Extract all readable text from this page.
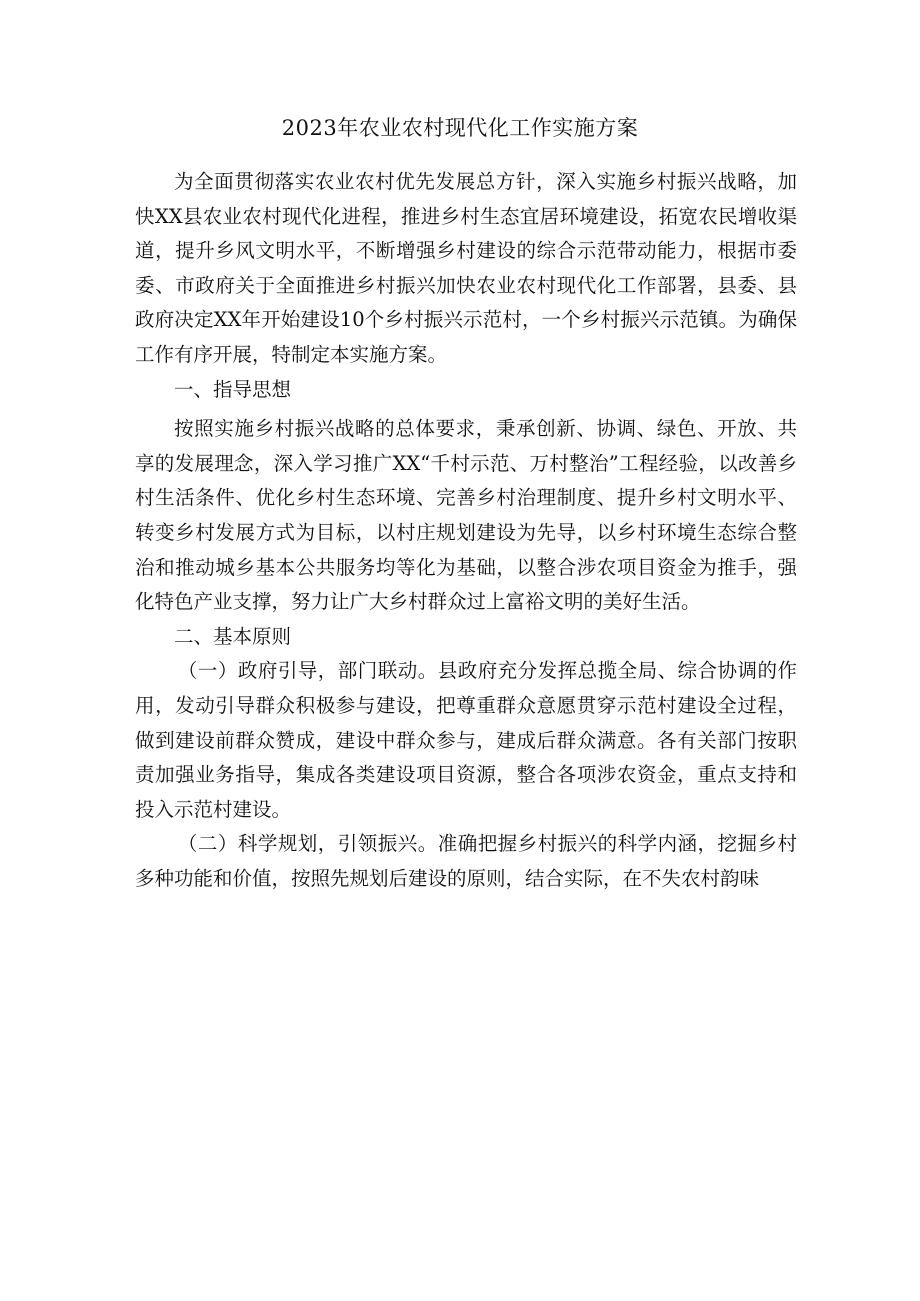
2023年农业农村现代化工作实施方案

为全面贯彻落实农业农村优先发展总方针，深入实施乡村振兴战略，加快XX县农业农村现代化进程，推进乡村生态宜居环境建设，拓宽农民增收渠道，提升乡风文明水平，不断增强乡村建设的综合示范带动能力，根据市委委、市政府关于全面推进乡村振兴加快农业农村现代化工作部署，县委、县政府决定XX年开始建设10个乡村振兴示范村，一个乡村振兴示范镇。为确保工作有序开展，特制定本实施方案。

一、指导思想

按照实施乡村振兴战略的总体要求，秉承创新、协调、绿色、开放、共享的发展理念，深入学习推广XX“千村示范、万村整治”工程经验，以改善乡村生活条件、优化乡村生态环境、完善乡村治理制度、提升乡村文明水平、转变乡村发展方式为目标，以村庄规划建设为先导，以乡村环境生态综合整治和推动城乡基本公共服务均等化为基础，以整合涉农项目资金为推手，强化特色产业支撑，努力让广大乡村群众过上富裕文明的美好生活。

二、基本原则

（一）政府引导，部门联动。县政府充分发挥总揽全局、综合协调的作用，发动引导群众积极参与建设，把尊重群众意愿贯穿示范村建设全过程，做到建设前群众赞成，建设中群众参与，建成后群众满意。各有关部门按职责加强业务指导，集成各类建设项目资源，整合各项涉农资金，重点支持和投入示范村建设。

（二）科学规划，引领振兴。准确把握乡村振兴的科学内涵，挖掘乡村多种功能和价值，按照先规划后建设的原则，结合实际，在不失农村韵味
